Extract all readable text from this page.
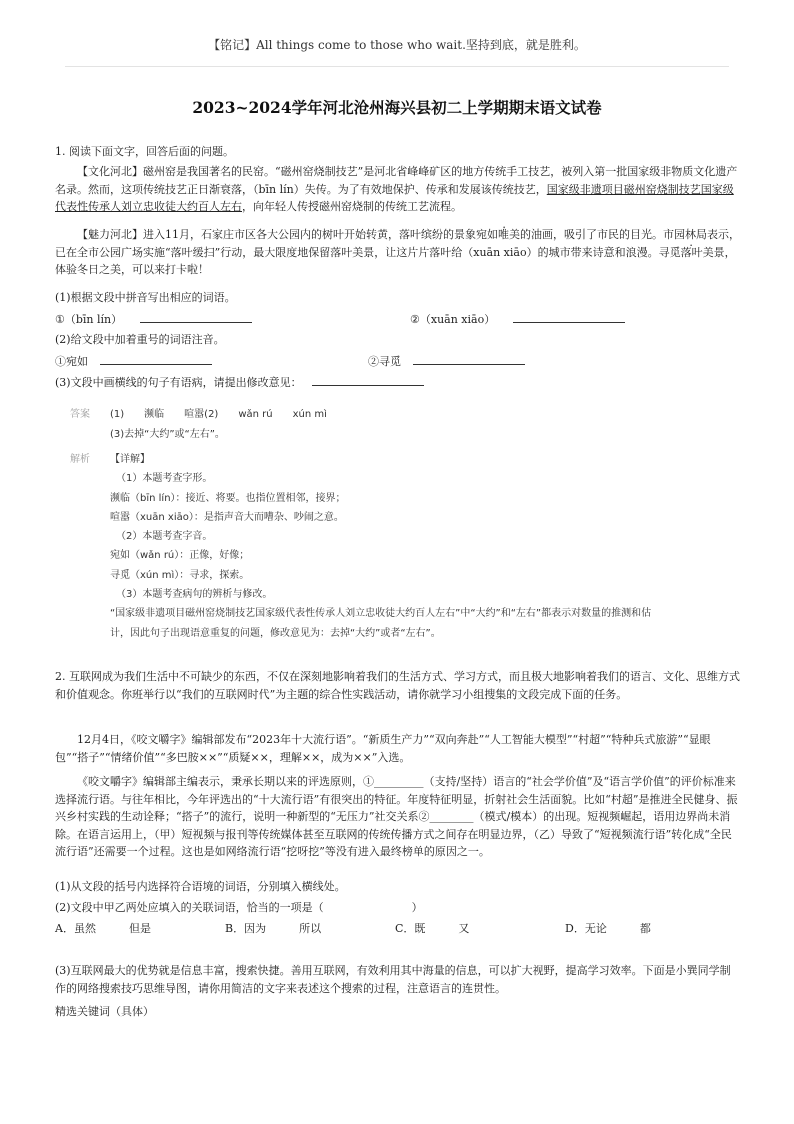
【铭记】All things come to those who wait.坚持到底，就是胜利。
2023~2024学年河北沧州海兴县初二上学期期末语文试卷
1. 阅读下面文字，回答后面的问题。
【文化河北】磁州窑是我国著名的民窑。“磁州窑烧制技艺”是河北省峰峰矿区的地方传统手工技艺，被列入第一批国家级非物质文化遗产名录。然而，这项传统技艺正日渐衰落，（bīn lín）失传。为了有效地保护、传承和发展该传统技艺，国家级非遗项目磁州窑烧制技艺国家级代表性传承人刘立忠收徒大约百人左右，向年轻人传授磁州窑烧制的传统工艺流程。
【魅力河北】进入11月，石家庄市区各大公园内的树叶开始转黄，落叶缤纷的景象宛 ·如唯美的油画，吸引了市民的目光。市园林局表示，已在全市公园广场实施“落叶缓扫”行动，最大限度地保留落叶美景，让这片片落叶给（xuān xiāo）的城市带来诗意和浪漫。寻觅落叶美景，体验冬日之美，可以来打卡啦！
(1)根据文段中拼音写出相应的词语。
①（bīn lín）	②（xuān xiāo）
(2)给文段中加着重号的词语注音。
①宛如	②寻觅
(3)文段中画横线的句子有语病，请提出修改意见：
答案 (1)　　濒临　　喧嚣(2)　　wǎn rú　　xún mì
(3)去掉“大约”或“左右”。
解析 【详解】
（1）本题考查字形。
濒临（bīn lín）：接近、将要。也指位置相邻，接界；
喧嚣（xuān xiāo）：是指声音大而嘈杂、吵闹之意。
（2）本题考查字音。
宛如（wǎn rú）：正像，好像；
寻觅（xún mì）：寻求，探索。
（3）本题考查病句的辨析与修改。
“国家级非遗项目磁州窑烧制技艺国家级代表性传承人刘立忠收徒大约百人左右”中“大约”和“左右”都表示对数量的推测和估
计，因此句子出现语意重复的问题，修改意见为：去掉“大约”或者“左右”。
2. 互联网成为我们生活中不可缺少的东西，不仅在深刻地影响着我们的生活方式、学习方式，而且极大地影响着我们的语言、文化、思维方式和价值观念。你班举行以“我们的互联网时代”为主题的综合性实践活动，请你就学习小组搜集的文段完成下面的任务。
12月4日，《咬文嚼字》编辑部发布“2023年十大流行语”。“新质生产力”“双向奔赴”“人工智能大模型”“村超”“特种兵式旅游”“显眼包”“搭子”“情绪价值”“多巴胺××”“质疑××，理解××，成为××”入选。
《咬文嚼字》编辑部主编表示，秉承长期以来的评选原则，①_________（支持/坚持）语言的“社会学价值”及“语言学价值”的评价标准来选择流行语。与往年相比，今年评选出的“十大流行语”有很突出的特征。年度特征明显，折射社会生活面貌。比如“村超”是推进全民健身、振兴乡村实践的生动诠释；“搭子”的流行，说明一种新型的“无压力”社交关系②________（模式/模本）的出现。短视频崛起，语用边界尚未消除。在语言运用上，（甲）短视频与报刊等传统媒体甚至互联网的传统传播方式之间存在明显边界，（乙）导致了“短视频流行语”转化成“全民流行语”还需要一个过程。这也是如网络流行语“挖呀挖”等没有进入最终榜单的原因之一。
(1)从文段的括号内选择符合语境的词语，分别填入横线处。
(2)文段中甲乙两处应填入的关联词语，恰当的一项是（　　　　　　　　）
A．虽然　　　但是	B．因为　　　所以	C．既　　　又	D．无论　　　都
(3)互联网最大的优势就是信息丰富，搜索快捷。善用互联网，有效利用其中海量的信息，可以扩大视野，提高学习效率。下面是小巽同学制作的网络搜索技巧思维导图，请你用简洁的文字来表述这个搜索的过程，注意语言的连贯性。
精选关键词（具体）
